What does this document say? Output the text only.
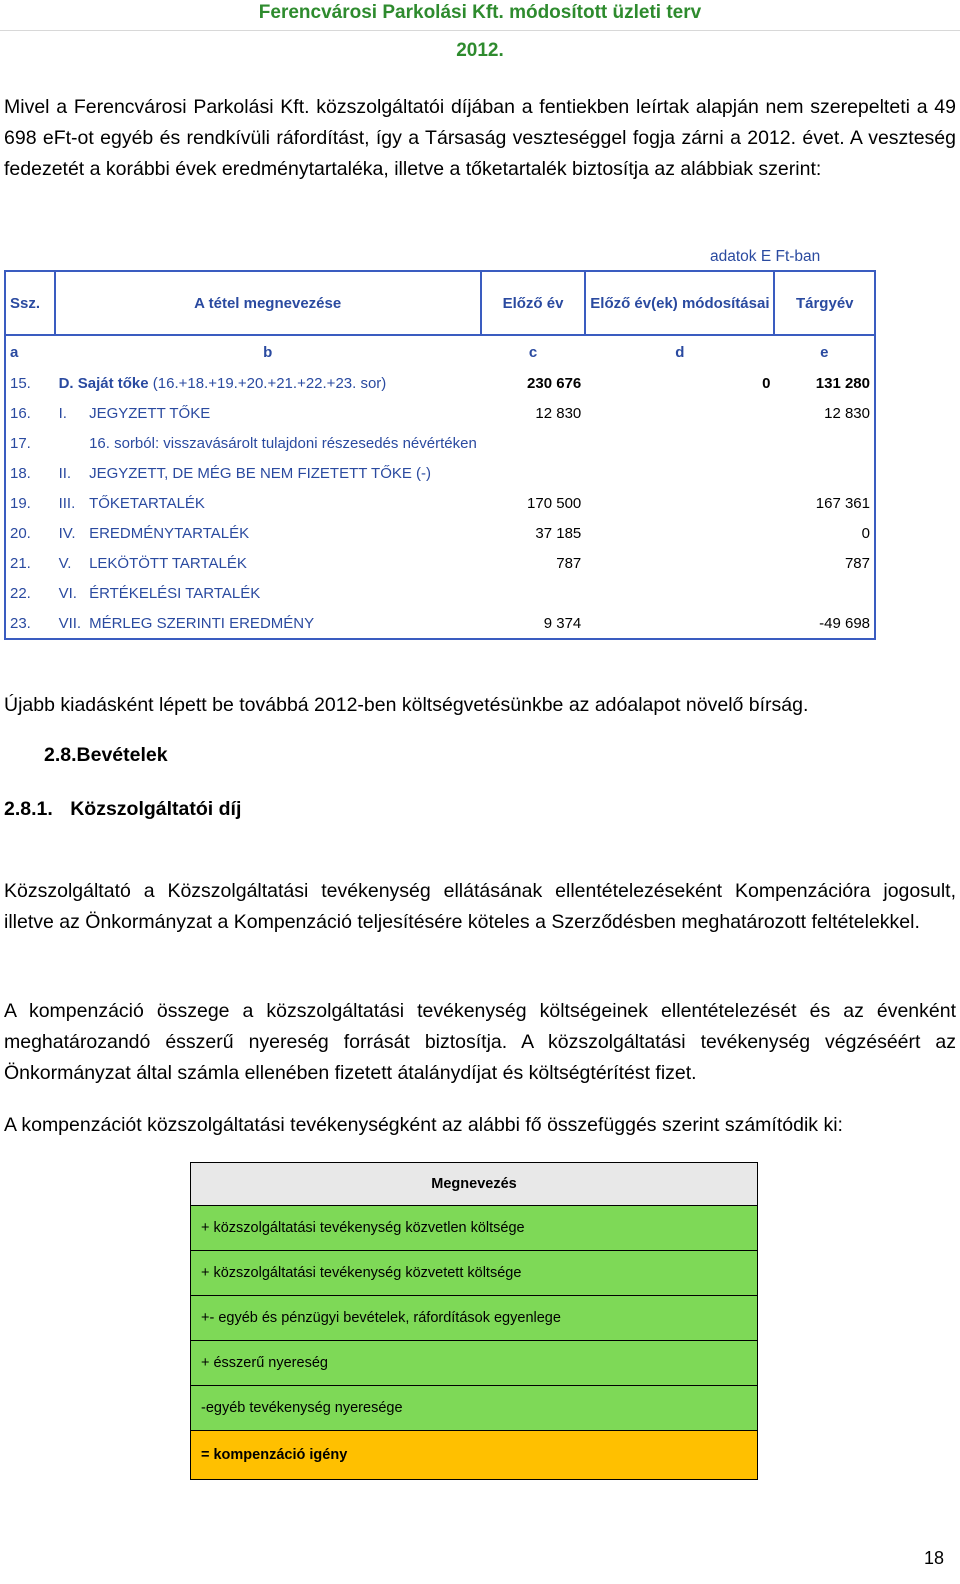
Ferencvárosi Parkolási Kft. módosított üzleti terv
2012.
Mivel a Ferencvárosi Parkolási Kft. közszolgáltatói díjában a fentiekben leírtak alapján nem szerepelteti a 49 698 eFt-ot egyéb és rendkívüli ráfordítást, így a Társaság veszteséggel fogja zárni a 2012. évet. A veszteség fedezetét a korábbi évek eredménytartaléka, illetve a tőketartalék biztosítja az alábbiak szerint:
adatok E Ft-ban
Ssz.	A tétel megnevezése		Előző év	Előző év(ek) módosításai	Tárgyév
a	b		c	d	e
15.	D. Saját tőke (16.+18.+19.+20.+21.+22.+23. sor)		230 676	0	131 280
16.	I.	JEGYZETT TŐKE	12 830		12 830
17.		16. sorból: visszavásárolt tulajdoni részesedés névértéken			
18.	II.	JEGYZETT, DE MÉG BE NEM FIZETETT TŐKE (-)			
19.	III.	TŐKETARTALÉK	170 500		167 361
20.	IV.	EREDMÉNYTARTALÉK	37 185		0
21.	V.	LEKÖTÖTT TARTALÉK	787		787
22.	VI.	ÉRTÉKELÉSI TARTALÉK			
23.	VII.	MÉRLEG SZERINTI EREDMÉNY	9 374		-49 698
Újabb kiadásként lépett be továbbá 2012-ben költségvetésünkbe az adóalapot növelő bírság.
2.8.Bevételek
2.8.1. Közszolgáltatói díj
Közszolgáltató a Közszolgáltatási tevékenység ellátásának ellentételezéseként Kompenzációra jogosult, illetve az Önkormányzat a Kompenzáció teljesítésére köteles a Szerződésben meghatározott feltételekkel.
A kompenzáció összege a közszolgáltatási tevékenység költségeinek ellentételezését és az évenként meghatározandó ésszerű nyereség forrását biztosítja. A közszolgáltatási tevékenység végzéséért az Önkormányzat által számla ellenében fizetett átalánydíjat és költségtérítést fizet.
A kompenzációt közszolgáltatási tevékenységként az alábbi fő összefüggés szerint számítódik ki:
Megnevezés
+ közszolgáltatási tevékenység közvetlen költsége
+ közszolgáltatási tevékenység közvetett költsége
+- egyéb és pénzügyi bevételek, ráfordítások egyenlege
+ ésszerű nyereség
-egyéb tevékenység nyeresége
= kompenzáció igény
18
